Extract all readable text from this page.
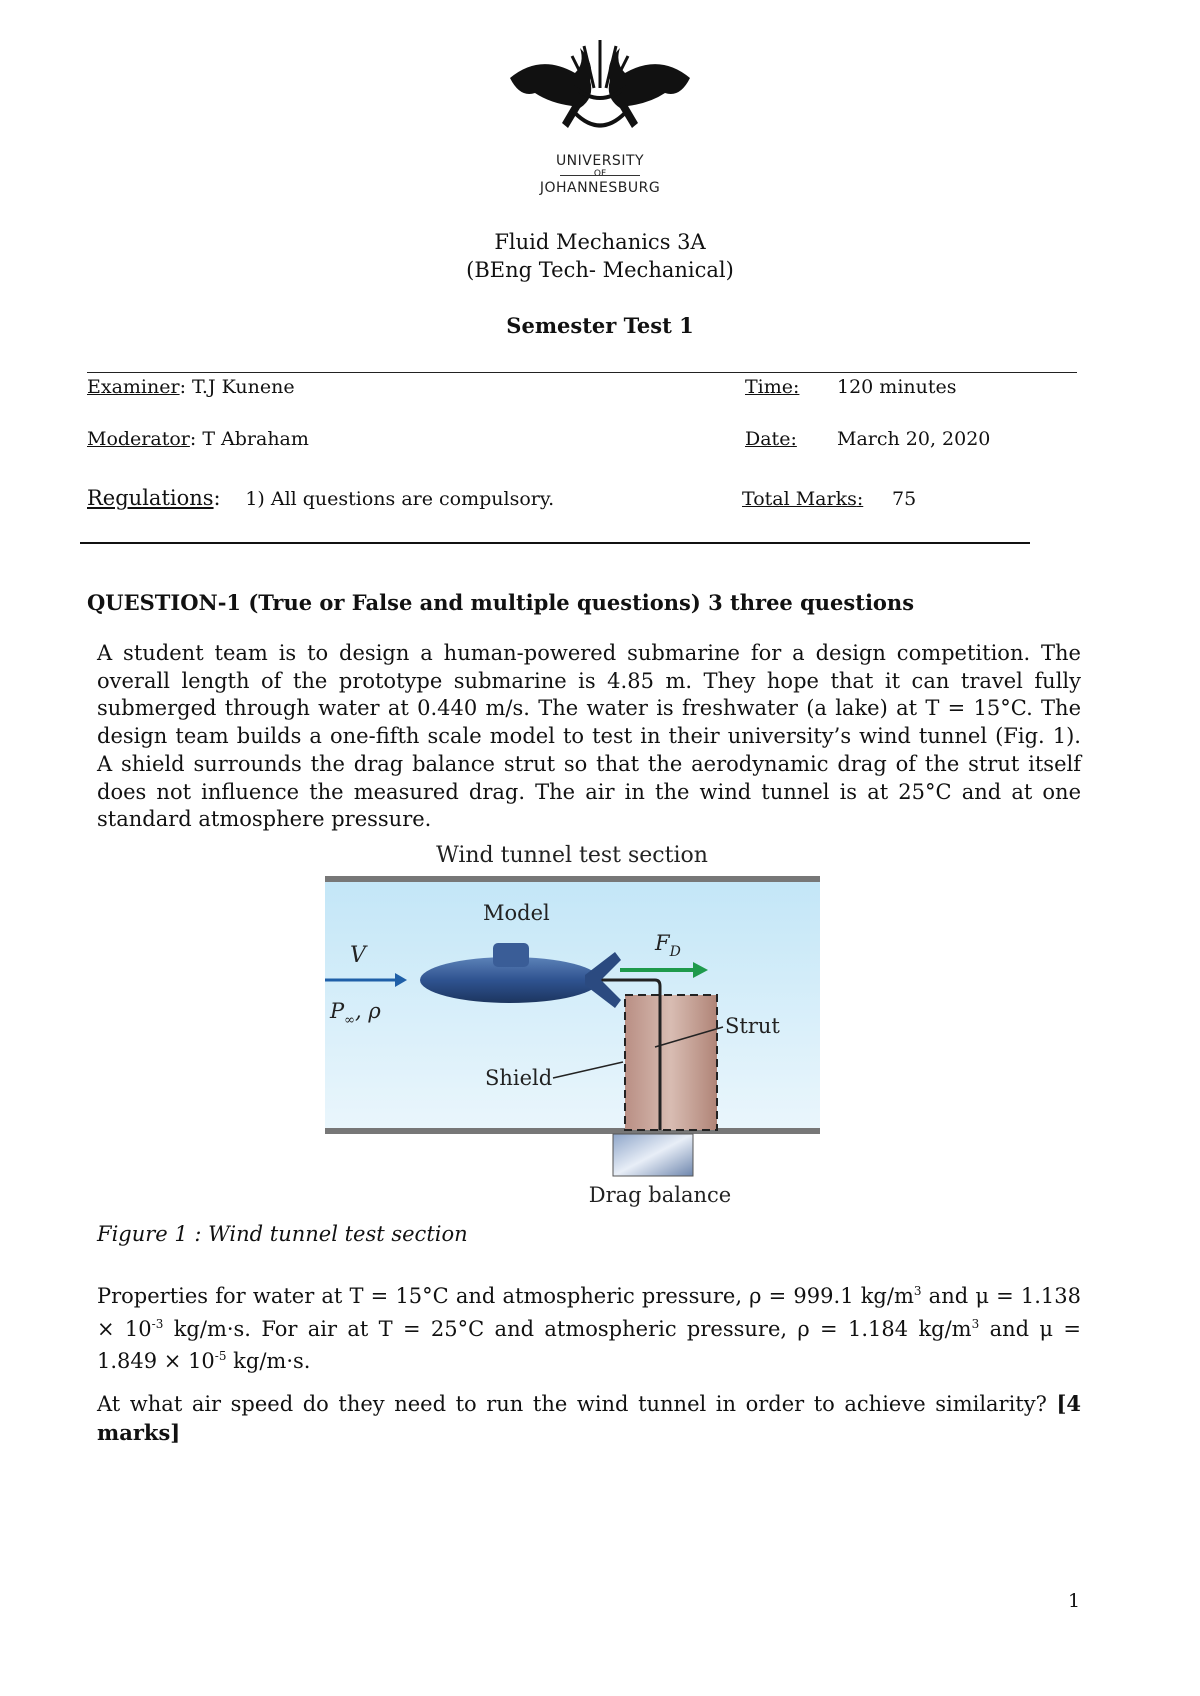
UNIVERSITY
OF
JOHANNESBURG
Fluid Mechanics 3A
(BEng Tech- Mechanical)
Semester Test 1
Examiner: T.J Kunene
Moderator: T Abraham
Regulations: 1) All questions are compulsory.
Time: 120 minutes
Date: March 20, 2020
Total Marks: 75
QUESTION-1 (True or False and multiple questions) 3 three questions
A student team is to design a human-powered submarine for a design competition. The overall length of the prototype submarine is 4.85 m. They hope that it can travel fully submerged through water at 0.440 m/s. The water is freshwater (a lake) at T = 15°C. The design team builds a one-fifth scale model to test in their university’s wind tunnel (Fig. 1). A shield surrounds the drag balance strut so that the aerodynamic drag of the strut itself does not influence the measured drag. The air in the wind tunnel is at 25°C and at one standard atmosphere pressure.
Wind tunnel test section
V
$P_\infty$, ρ
Model
$F_D$
Strut
Shield
Drag balance
Figure 1 : Wind tunnel test section
Properties for water at T = 15°C and atmospheric pressure, ρ = 999.1 $kg/m^3$ and $\mu = 1.138 \times 10^{-3}$ kg/m·s. For air at T = 25°C and atmospheric pressure, ρ = 1.184 $kg/m^3$ and $\mu = 1.849 \times 10^{-5}$ kg/m·s.
At what air speed do they need to run the wind tunnel in order to achieve similarity? [4 marks]
1
